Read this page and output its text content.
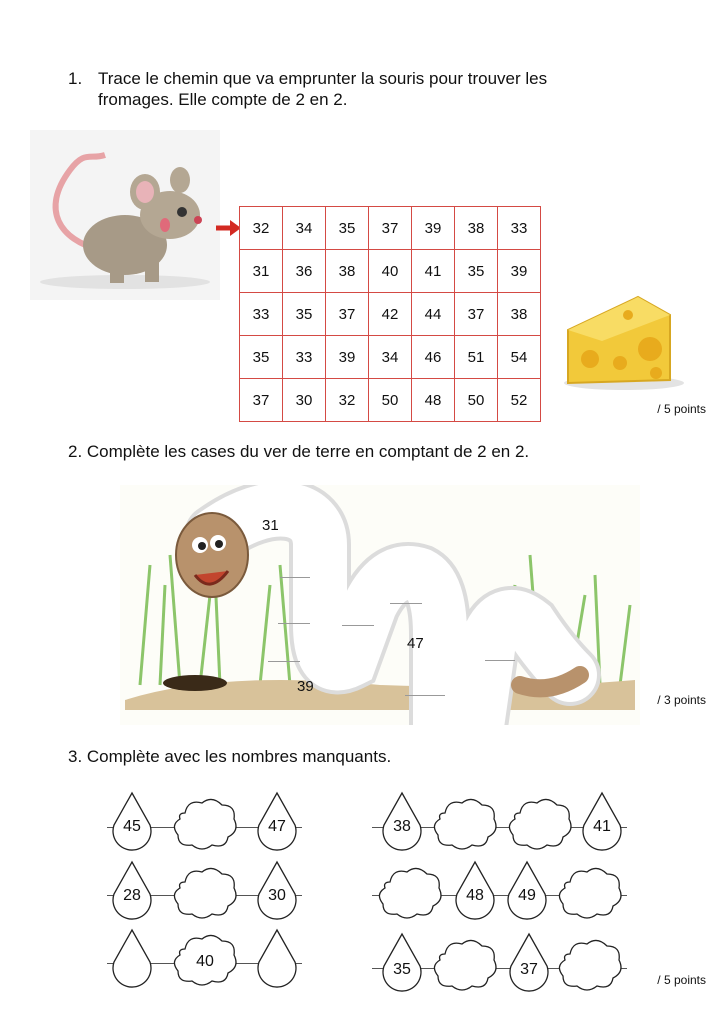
1. Trace le chemin que va emprunter la souris pour trouver les

fromages. Elle compte de 2 en 2.

32	34	35	37	39	38	33
31	36	38	40	41	35	39
33	35	37	42	44	37	38
35	33	39	34	46	51	54
37	30	32	50	48	50	52
/ 5 points

2. Complète les cases du ver de terre en comptant de 2 en 2.

31
39
47
/ 3 points

3. Complète avec les nombres manquants.

45	47
28	30
40
38	41
48	49
35	37
/ 5 points
